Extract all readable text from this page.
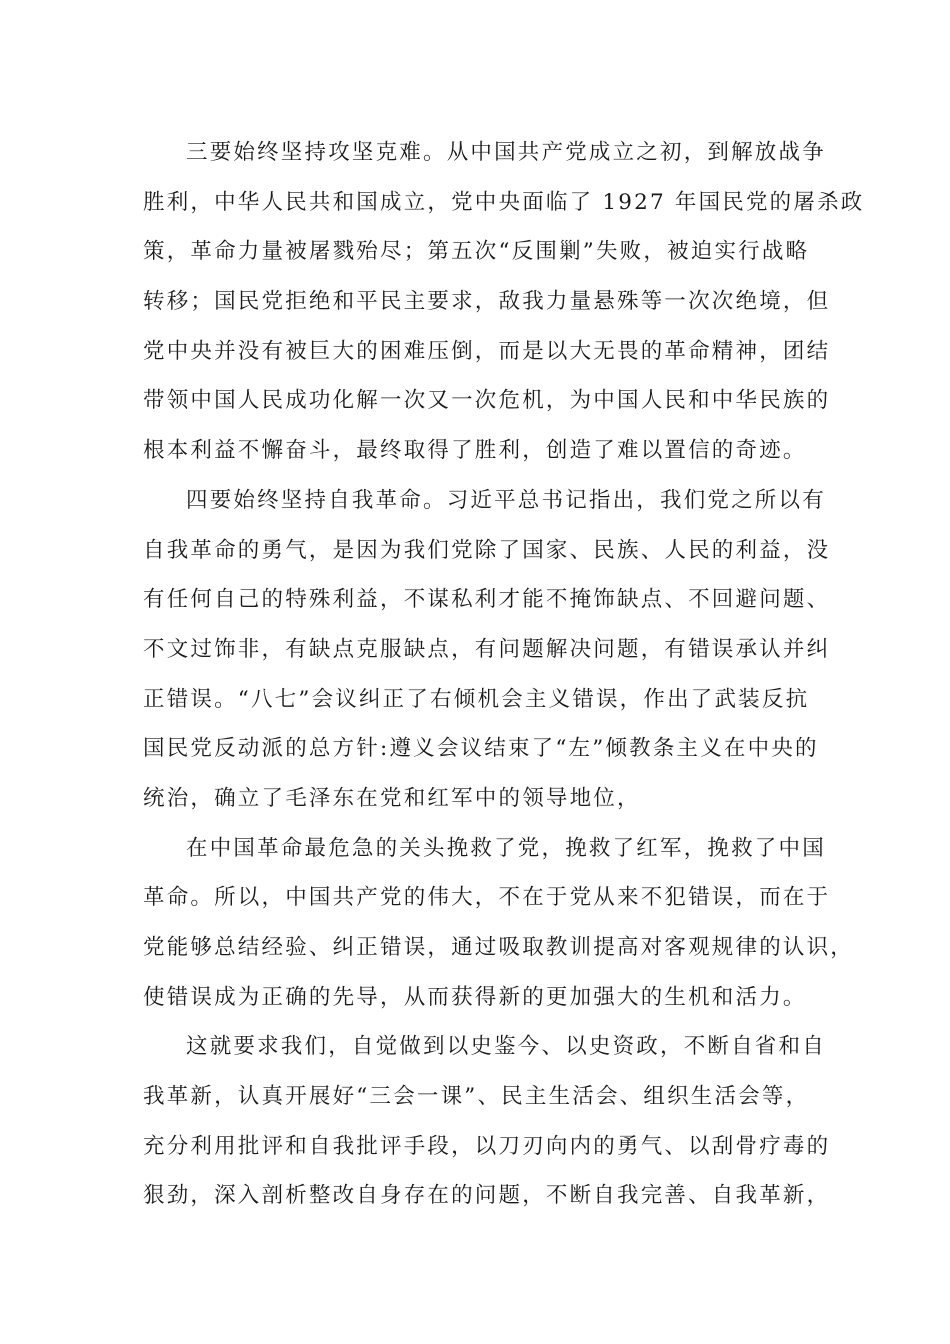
三要始终坚持攻坚克难。从中国共产党成立之初，到解放战争
胜利，中华人民共和国成立，党中央面临了 1927 年国民党的屠杀政
策，革命力量被屠戮殆尽；第五次“反围剿”失败，被迫实行战略
转移；国民党拒绝和平民主要求，敌我力量悬殊等一次次绝境，但
党中央并没有被巨大的困难压倒，而是以大无畏的革命精神，团结
带领中国人民成功化解一次又一次危机，为中国人民和中华民族的
根本利益不懈奋斗，最终取得了胜利，创造了难以置信的奇迹。
四要始终坚持自我革命。习近平总书记指出，我们党之所以有
自我革命的勇气，是因为我们党除了国家、民族、人民的利益，没
有任何自己的特殊利益，不谋私利才能不掩饰缺点、不回避问题、
不文过饰非，有缺点克服缺点，有问题解决问题，有错误承认并纠
正错误。“八七”会议纠正了右倾机会主义错误，作出了武装反抗
国民党反动派的总方针:遵义会议结束了“左”倾教条主义在中央的
统治，确立了毛泽东在党和红军中的领导地位，
在中国革命最危急的关头挽救了党，挽救了红军，挽救了中国
革命。所以，中国共产党的伟大，不在于党从来不犯错误，而在于
党能够总结经验、纠正错误，通过吸取教训提高对客观规律的认识，
使错误成为正确的先导，从而获得新的更加强大的生机和活力。
这就要求我们，自觉做到以史鉴今、以史资政，不断自省和自
我革新，认真开展好“三会一课”、民主生活会、组织生活会等，
充分利用批评和自我批评手段，以刀刃向内的勇气、以刮骨疗毒的
狠劲，深入剖析整改自身存在的问题，不断自我完善、自我革新，
